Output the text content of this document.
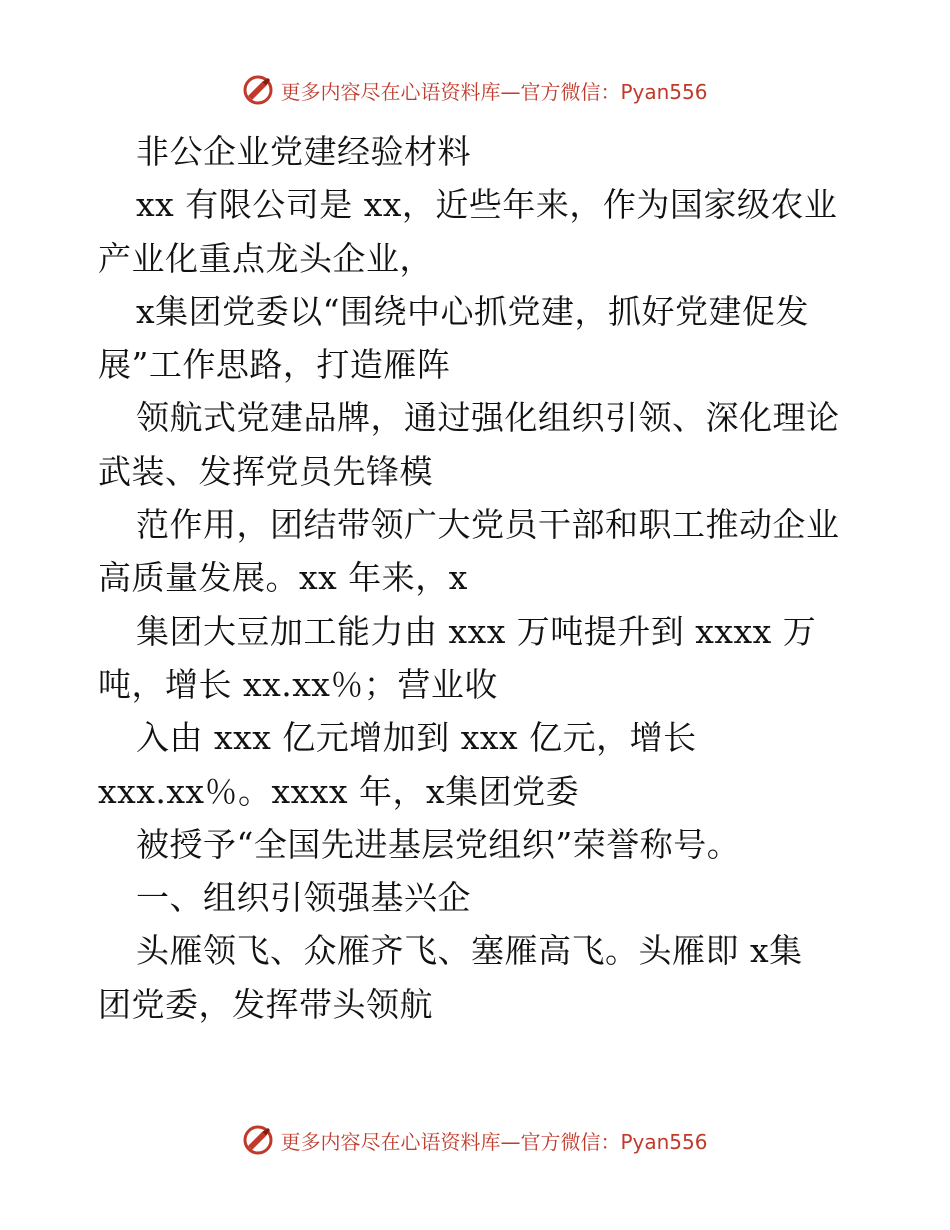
更多内容尽在心语资料库—官方微信：Pyan556
非公企业党建经验材料
xx 有限公司是 xx，近些年来，作为国家级农业
产业化重点龙头企业，
x集团党委以“围绕中心抓党建，抓好党建促发
展”工作思路，打造雁阵
领航式党建品牌，通过强化组织引领、深化理论
武装、发挥党员先锋模
范作用，团结带领广大党员干部和职工推动企业
高质量发展。xx 年来，x
集团大豆加工能力由 xxx 万吨提升到 xxxx 万
吨，增长 xx.xx％；营业收
入由 xxx 亿元增加到 xxx 亿元，增长
xxx.xx％。xxxx 年，x集团党委
被授予“全国先进基层党组织”荣誉称号。
一、组织引领强基兴企
头雁领飞、众雁齐飞、塞雁高飞。头雁即 x集
团党委，发挥带头领航
更多内容尽在心语资料库—官方微信：Pyan556
